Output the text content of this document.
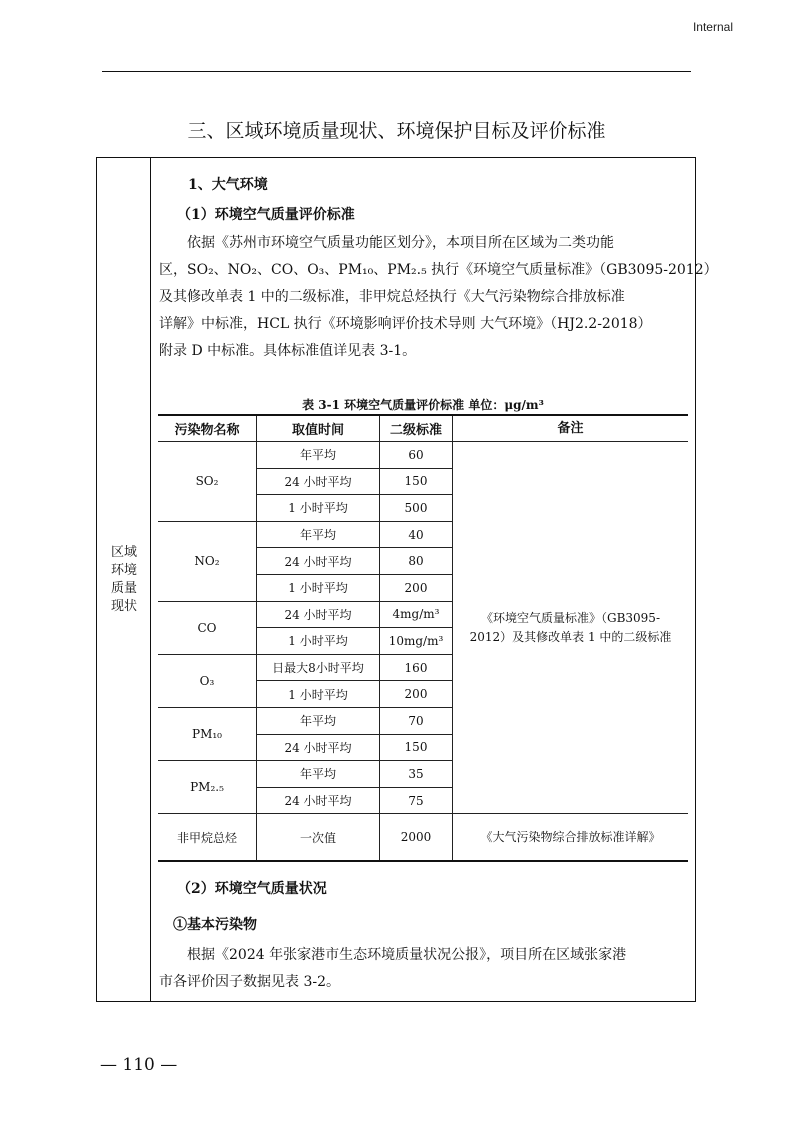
Internal
三、区域环境质量现状、环境保护目标及评价标准
区域
环境
质量
现状
1、大气环境
（1）环境空气质量评价标准
　　依据《苏州市环境空气质量功能区划分》，本项目所在区域为二类功能
区，SO₂、NO₂、CO、O₃、PM₁₀、PM₂.₅ 执行《环境空气质量标准》（GB3095-2012）
及其修改单表 1 中的二级标准，非甲烷总烃执行《大气污染物综合排放标准
详解》中标准，HCL 执行《环境影响评价技术导则 大气环境》（HJ2.2-2018）
附录 D 中标准。具体标准值详见表 3-1。
表 3-1 环境空气质量评价标准 单位：μg/m³
污染物名称	取值时间	二级标准	备注
SO₂	年平均	60	《环境空气质量标准》（GB3095-2012）及其修改单表 1 中的二级标准
	24 小时平均	150	
	1 小时平均	500	
NO₂	年平均	40	
	24 小时平均	80	
	1 小时平均	200	
CO	24 小时平均	4mg/m³	
	1 小时平均	10mg/m³	
O₃	日最大8小时平均	160	
	1 小时平均	200	
PM₁₀	年平均	70	
	24 小时平均	150	
PM₂.₅	年平均	35	
	24 小时平均	75	
非甲烷总烃	一次值	2000	《大气污染物综合排放标准详解》
（2）环境空气质量状况
①基本污染物
　　根据《2024 年张家港市生态环境质量状况公报》，项目所在区域张家港
市各评价因子数据见表 3-2。
— 110 —
